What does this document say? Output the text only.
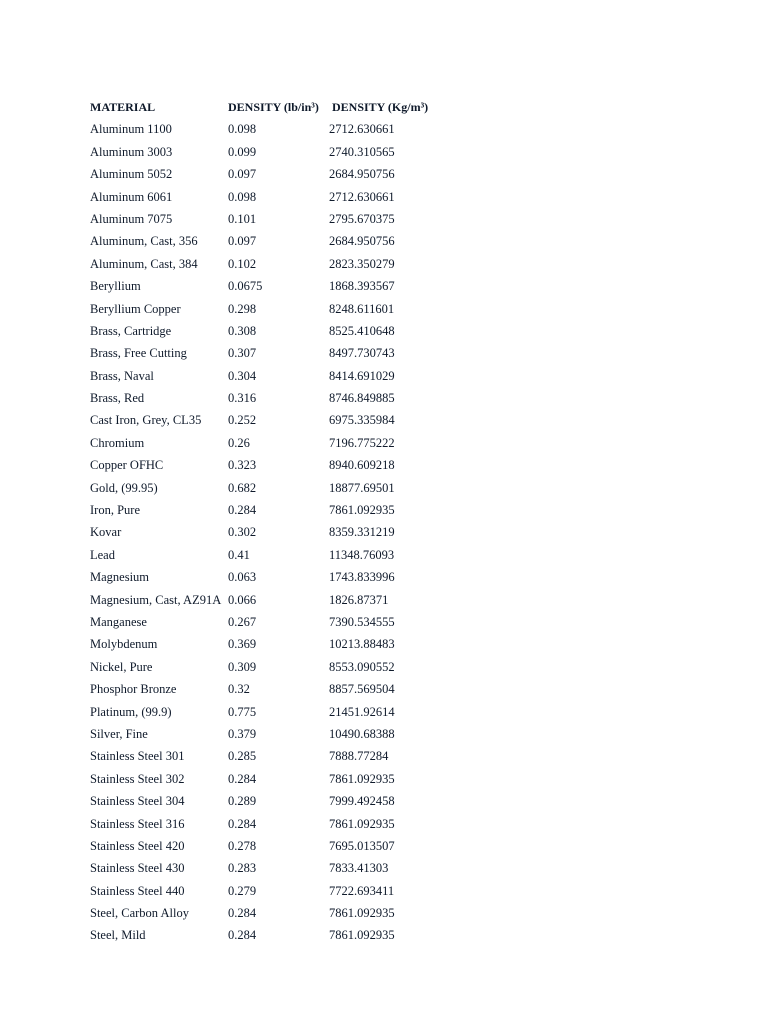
MATERIAL	DENSITY (lb/in³) DENSITY (Kg/m³)
Aluminum 1100	0.098	2712.630661
Aluminum 3003	0.099	2740.310565
Aluminum 5052	0.097	2684.950756
Aluminum 6061	0.098	2712.630661
Aluminum 7075	0.101	2795.670375
Aluminum, Cast, 356 0.097	2684.950756
Aluminum, Cast, 384 0.102	2823.350279
Beryllium	0.0675	1868.393567
Beryllium Copper	0.298	8248.611601
Brass, Cartridge	0.308	8525.410648
Brass, Free Cutting	0.307	8497.730743
Brass, Naval	0.304	8414.691029
Brass, Red	0.316	8746.849885
Cast Iron, Grey, CL35 0.252	6975.335984
Chromium	0.26	7196.775222
Copper OFHC	0.323	8940.609218
Gold, (99.95)	0.682	18877.69501
Iron, Pure	0.284	7861.092935
Kovar	0.302	8359.331219
Lead	0.41	11348.76093
Magnesium	0.063	1743.833996
Magnesium, Cast, AZ91A 0.066	1826.87371
Manganese	0.267	7390.534555
Molybdenum	0.369	10213.88483
Nickel, Pure	0.309	8553.090552
Phosphor Bronze	0.32	8857.569504
Platinum, (99.9)	0.775	21451.92614
Silver, Fine	0.379	10490.68388
Stainless Steel 301	0.285	7888.77284
Stainless Steel 302	0.284	7861.092935
Stainless Steel 304	0.289	7999.492458
Stainless Steel 316	0.284	7861.092935
Stainless Steel 420	0.278	7695.013507
Stainless Steel 430	0.283	7833.41303
Stainless Steel 440	0.279	7722.693411
Steel, Carbon Alloy	0.284	7861.092935
Steel, Mild	0.284	7861.092935
